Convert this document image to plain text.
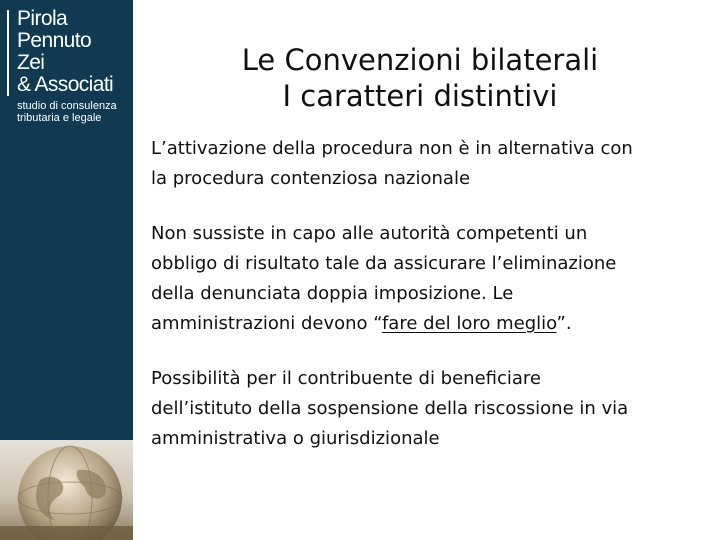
Pirola
Pennuto
Zei
& Associati
studio di consulenza
tributaria e legale
Le Convenzioni bilaterali
I caratteri distintivi
L’attivazione della procedura non è in alternativa con
la procedura contenziosa nazionale
Non sussiste in capo alle autorità competenti un
obbligo di risultato tale da assicurare l’eliminazione
della denunciata doppia imposizione. Le
amministrazioni devono “fare del loro meglio”.
Possibilità per il contribuente di beneficiare
dell’istituto della sospensione della riscossione in via
amministrativa o giurisdizionale
